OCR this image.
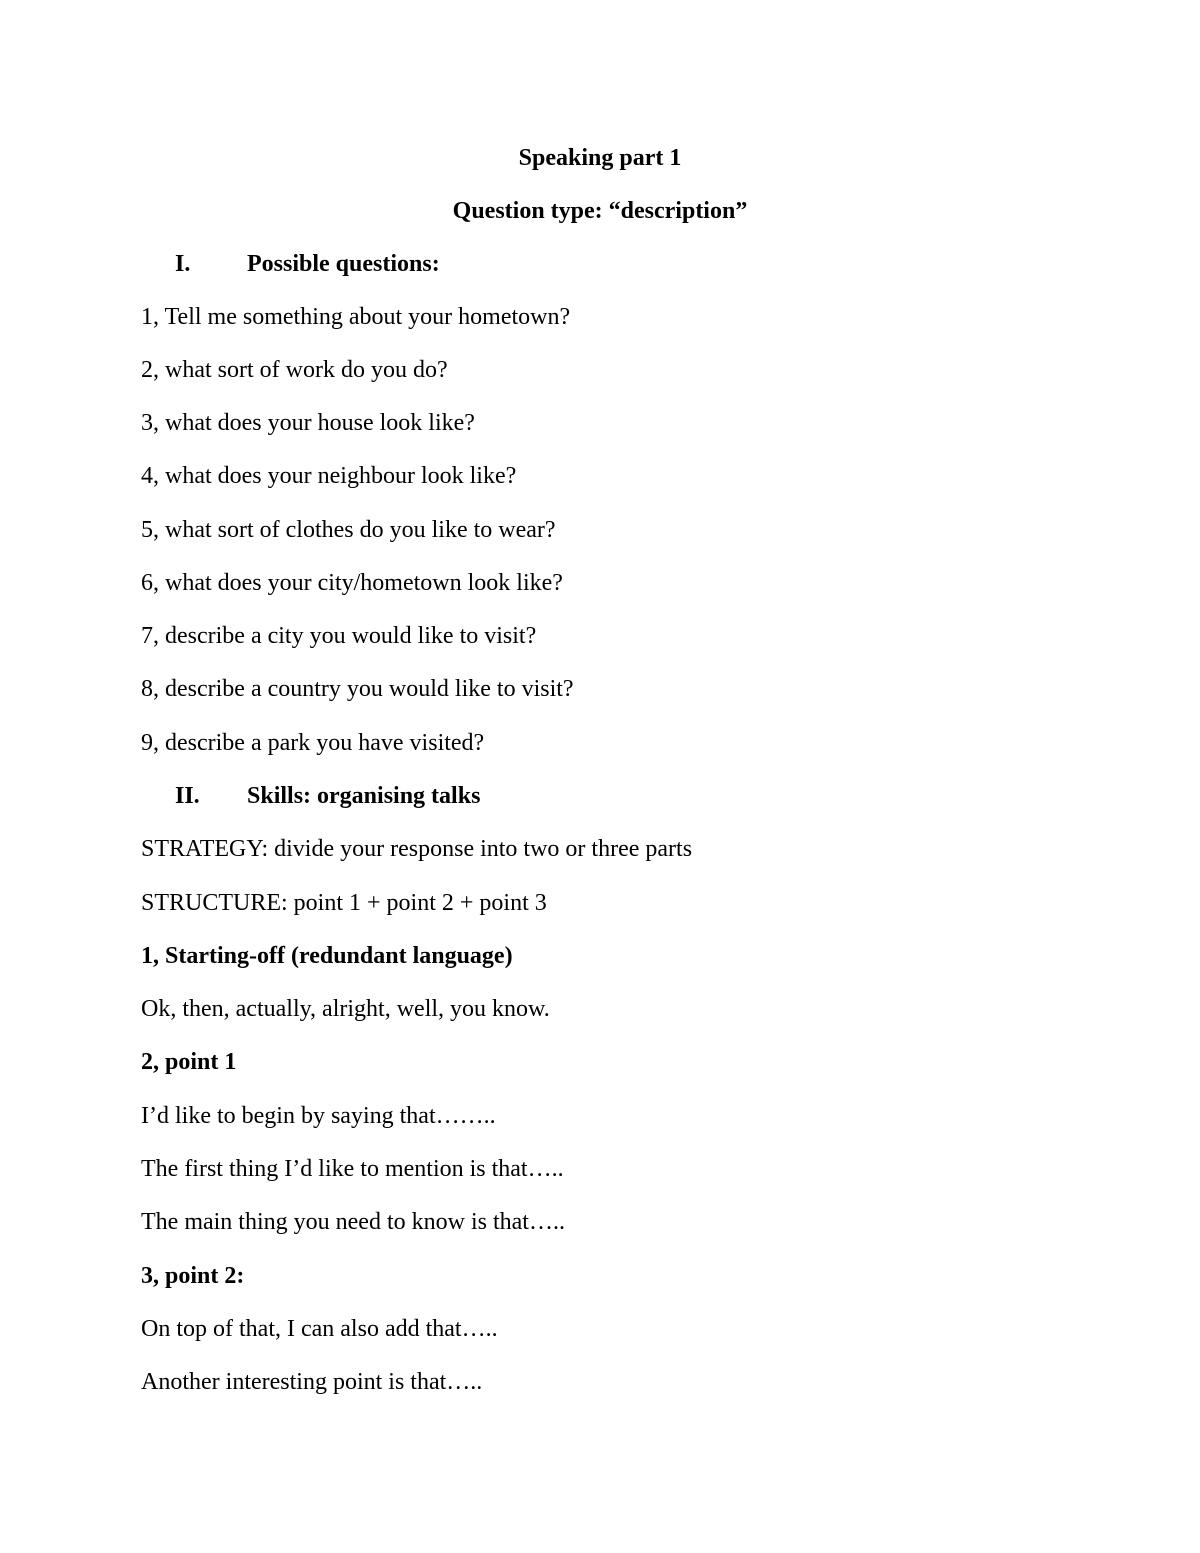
Speaking part 1
Question type: “description”
I. Possible questions:
1, Tell me something about your hometown?
2, what sort of work do you do?
3, what does your house look like?
4, what does your neighbour look like?
5, what sort of clothes do you like to wear?
6, what does your city/hometown look like?
7, describe a city you would like to visit?
8, describe a country you would like to visit?
9, describe a park you have visited?
II. Skills: organising talks
STRATEGY: divide your response into two or three parts
STRUCTURE: point 1 + point 2 + point 3
1, Starting-off (redundant language)
Ok, then, actually, alright, well, you know.
2, point 1
I’d like to begin by saying that……..
The first thing I’d like to mention is that…..
The main thing you need to know is that…..
3, point 2:
On top of that, I can also add that…..
Another interesting point is that…..
